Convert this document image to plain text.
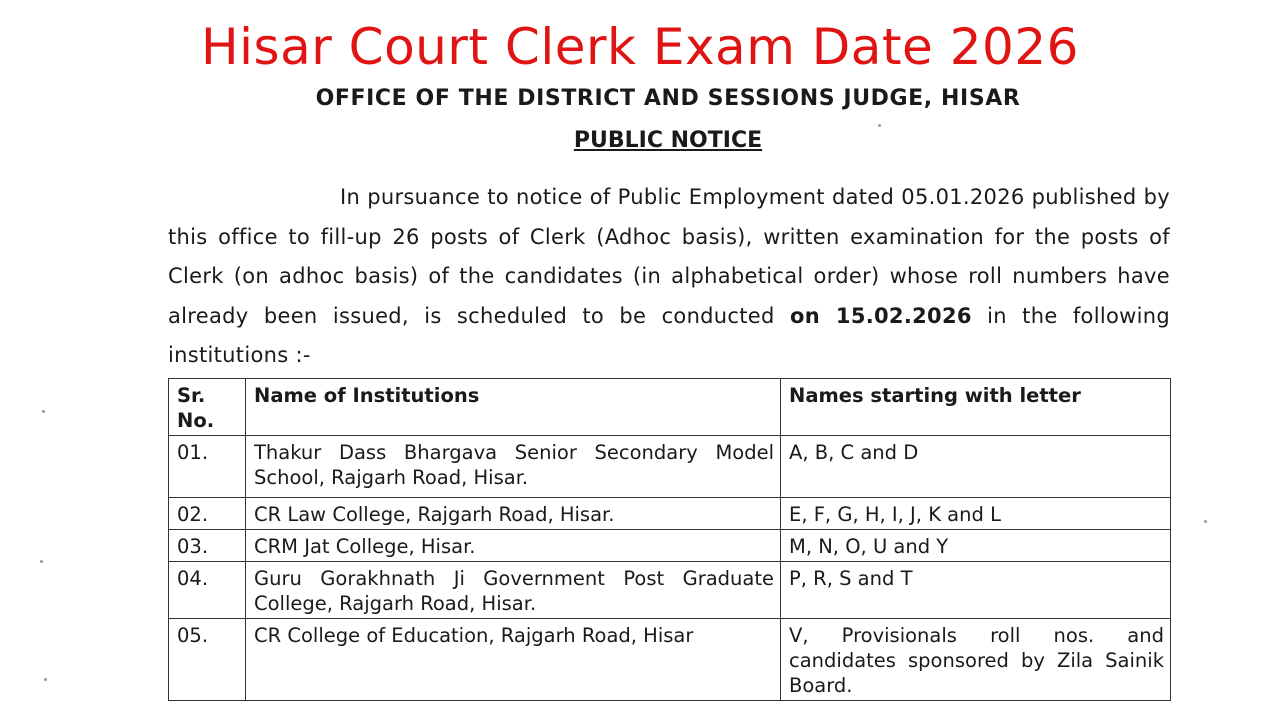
Hisar Court Clerk Exam Date 2026
OFFICE OF THE DISTRICT AND SESSIONS JUDGE, HISAR
PUBLIC NOTICE
In pursuance to notice of Public Employment dated 05.01.2026 published by this office to fill-up 26 posts of Clerk (Adhoc basis), written examination for the posts of Clerk (on adhoc basis) of the candidates (in alphabetical order) whose roll numbers have already been issued, is scheduled to be conducted on 15.02.2026 in the following institutions :-
Sr. No.	Name of Institutions	Names starting with letter
01.	Thakur Dass Bhargava Senior Secondary Model School, Rajgarh Road, Hisar.	A, B, C and D
02.	CR Law College, Rajgarh Road, Hisar.	E, F, G, H, I, J, K and L
03.	CRM Jat College, Hisar.	M, N, O, U and Y
04.	Guru Gorakhnath Ji Government Post Graduate College, Rajgarh Road, Hisar.	P, R, S and T
05.	CR College of Education, Rajgarh Road, Hisar	V, Provisionals roll nos. and candidates sponsored by Zila Sainik Board.
